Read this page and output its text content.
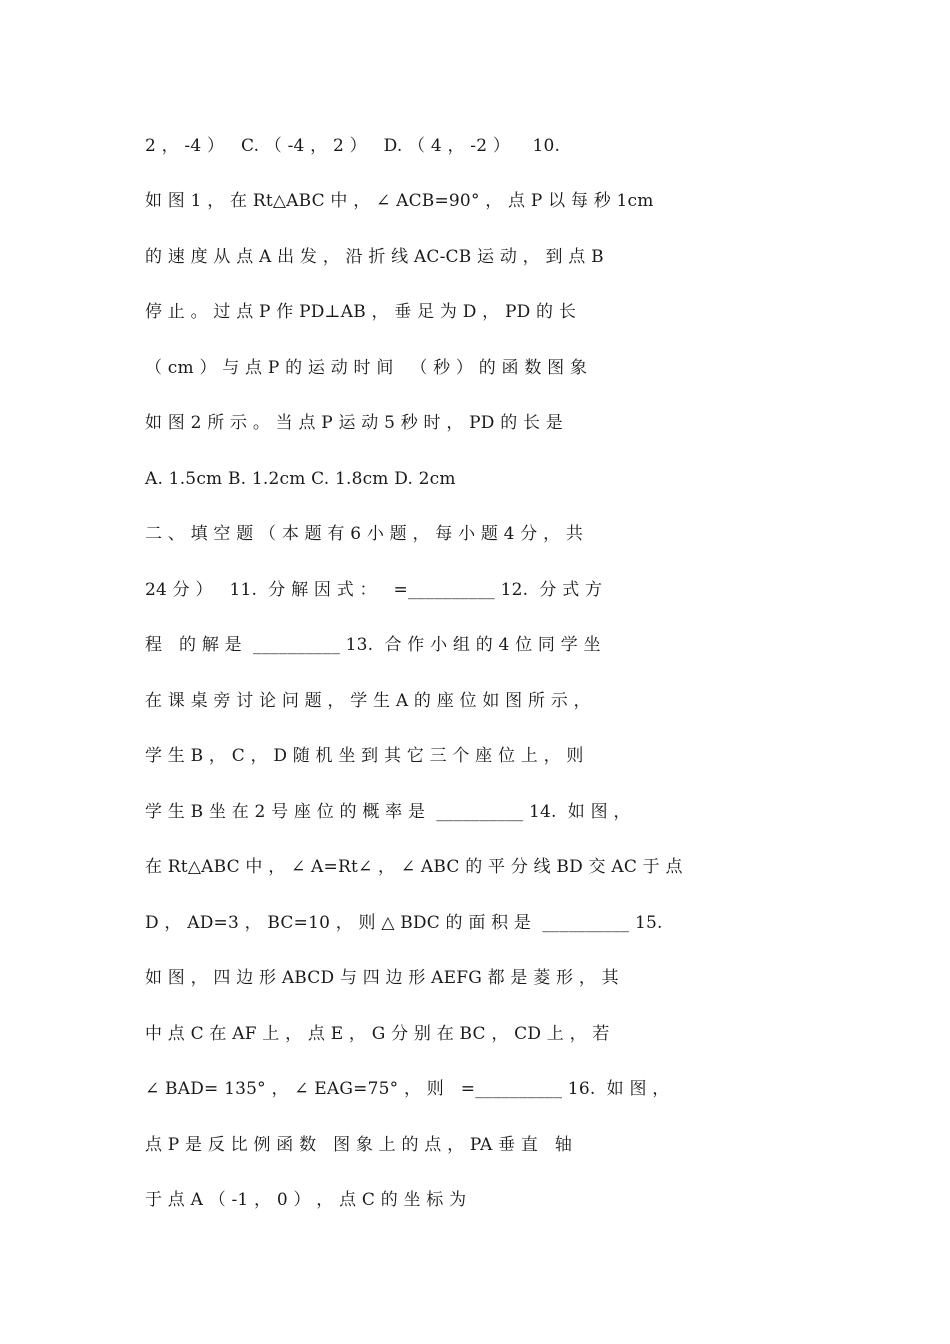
2 ， -4 ）   C. （ -4 ， 2 ）   D. （ 4 ， -2 ）    10.
如 图 1 ， 在 Rt△ABC 中 ， ∠ ACB=90° ， 点 P 以 每 秒 1cm
的 速 度 从 点 A 出 发 ， 沿 折 线 AC-CB 运 动 ， 到 点 B
停 止 。 过 点 P 作 PD⊥AB ， 垂 足 为 D ， PD 的 长
（ cm ） 与 点 P 的 运 动 时 间   （ 秒 ） 的 函 数 图 象
如 图 2 所 示 。 当 点 P 运 动 5 秒 时 ， PD 的 长 是
A. 1.5cm B. 1.2cm C. 1.8cm D. 2cm
二 、 填 空 题 （ 本 题 有 6 小 题 ， 每 小 题 4 分 ， 共
24 分 ）   11.  分 解 因 式 ：   =__________ 12.  分 式 方
程   的 解 是  __________ 13.  合 作 小 组 的 4 位 同 学 坐
在 课 桌 旁 讨 论 问 题 ， 学 生 A 的 座 位 如 图 所 示 ，
学 生 B ， C ， D 随 机 坐 到 其 它 三 个 座 位 上 ， 则
学 生 B 坐 在 2 号 座 位 的 概 率 是  __________ 14.  如 图 ，
在 Rt△ABC 中 ， ∠ A=Rt∠ ， ∠ ABC 的 平 分 线 BD 交 AC 于 点
D ， AD=3 ， BC=10 ， 则 △ BDC 的 面 积 是  __________ 15.
如 图 ， 四 边 形 ABCD 与 四 边 形 AEFG 都 是 菱 形 ， 其
中 点 C 在 AF 上 ， 点 E ， G 分 别 在 BC ， CD 上 ， 若
∠ BAD= 135° ， ∠ EAG=75° ， 则   =__________ 16.  如 图 ，
点 P 是 反 比 例 函 数   图 象 上 的 点 ， PA 垂 直   轴
于 点 A （ -1 ， 0 ） ， 点 C 的 坐 标 为
